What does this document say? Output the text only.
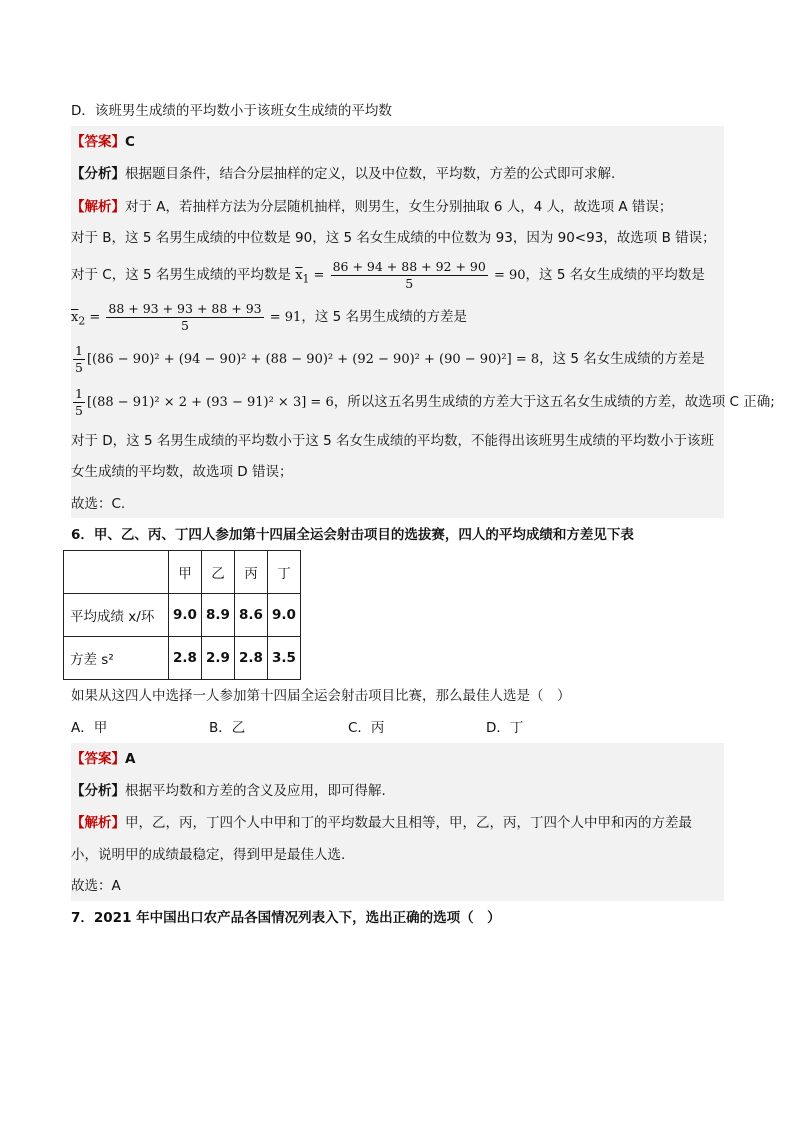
D．该班男生成绩的平均数小于该班女生成绩的平均数
【答案】C
【分析】根据题目条件，结合分层抽样的定义，以及中位数，平均数，方差的公式即可求解.
【解析】对于 A，若抽样方法为分层随机抽样，则男生，女生分别抽取 6 人，4 人，故选项 A 错误；
对于 B，这 5 名男生成绩的中位数是 90，这 5 名女生成绩的中位数为 93，因为 90<93，故选项 B 错误；
对于 C，这 5 名男生成绩的平均数是 $\overline{x}_1 = \frac{86 + 94 + 88 + 92 + 90}{5} = 90$，这 5 名女生成绩的平均数是
$\overline{x}_2 = \frac{88 + 93 + 93 + 88 + 93}{5} = 91$，这 5 名男生成绩的方差是
$\frac{1}{5} [(86 - 90)^2 + (94 - 90)^2 + (88 - 90)^2 + (92 - 90)^2 + (90 - 90)^2] = 8$，这 5 名女生成绩的方差是
$\frac{1}{5} [(88 - 91)^2 \times 2 + (93 - 91)^2 \times 3] = 6$，所以这五名男生成绩的方差大于这五名女生成绩的方差，故选项 C 正确;
对于 D，这 5 名男生成绩的平均数小于这 5 名女生成绩的平均数，不能得出该班男生成绩的平均数小于该班
女生成绩的平均数，故选项 D 错误；
故选：C.
6．甲、乙、丙、丁四人参加第十四届全运会射击项目的选拔赛，四人的平均成绩和方差见下表
	甲	乙	丙	丁
平均成绩 x/环	9.0	8.9	8.6	9.0
方差 s²	2.8	2.9	2.8	3.5
如果从这四人中选择一人参加第十四届全运会射击项目比赛，那么最佳人选是（　）
A．甲	B．乙	C．丙	D．丁
【答案】A
【分析】根据平均数和方差的含义及应用，即可得解.
【解析】甲，乙，丙，丁四个人中甲和丁的平均数最大且相等，甲，乙，丙，丁四个人中甲和丙的方差最
小，说明甲的成绩最稳定，得到甲是最佳人选.
故选：A
7．2021 年中国出口农产品各国情况列表入下，选出正确的选项（　）
